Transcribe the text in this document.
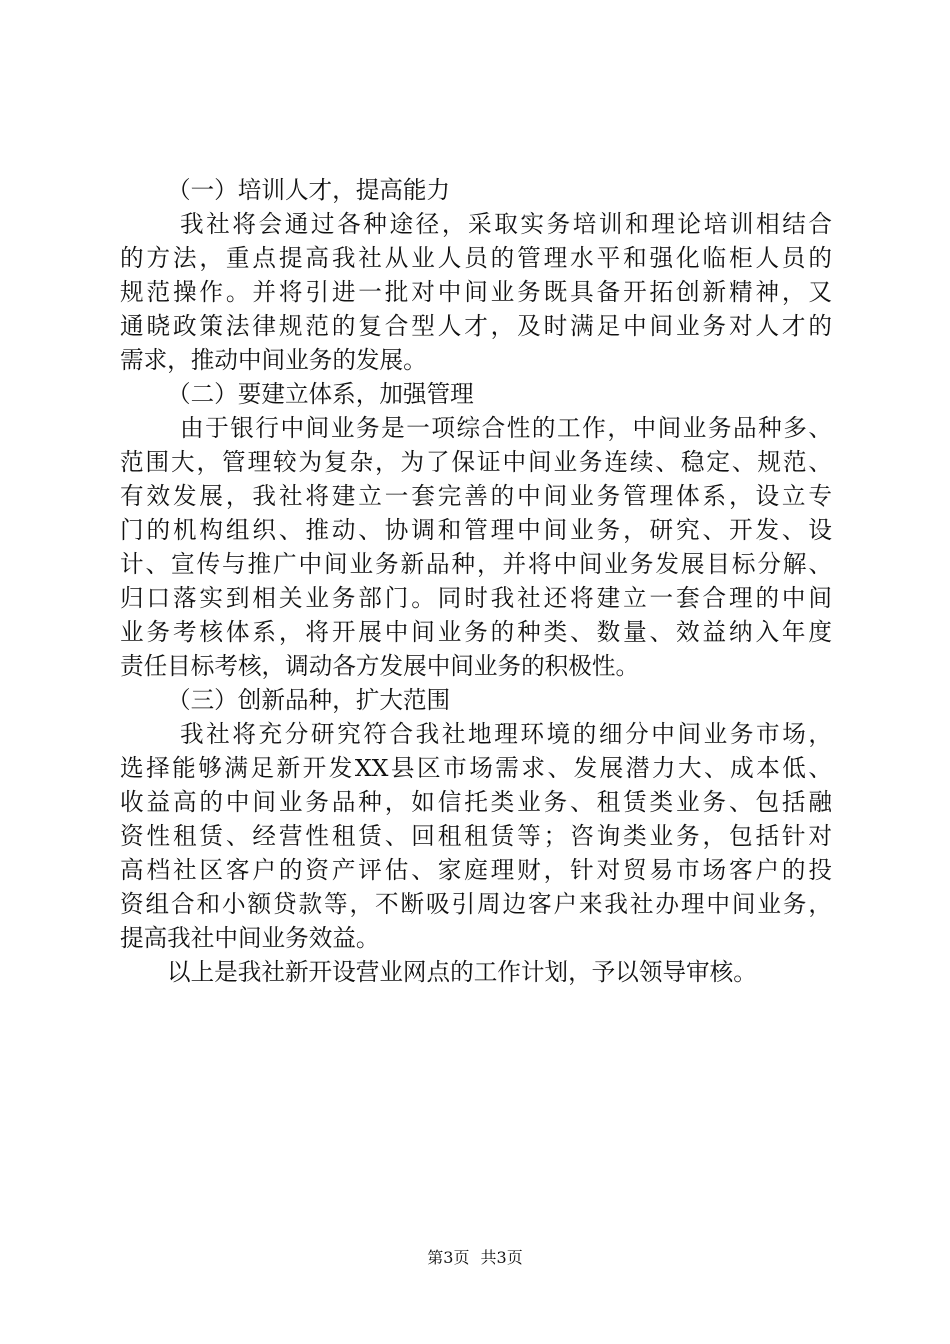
（一）培训人才，提高能力
我社将会通过各种途径，采取实务培训和理论培训相结合
的方法，重点提高我社从业人员的管理水平和强化临柜人员的
规范操作。并将引进一批对中间业务既具备开拓创新精神，又
通晓政策法律规范的复合型人才，及时满足中间业务对人才的
需求，推动中间业务的发展。
（二）要建立体系，加强管理
由于银行中间业务是一项综合性的工作，中间业务品种多、
范围大，管理较为复杂，为了保证中间业务连续、稳定、规范、
有效发展，我社将建立一套完善的中间业务管理体系，设立专
门的机构组织、推动、协调和管理中间业务，研究、开发、设
计、宣传与推广中间业务新品种，并将中间业务发展目标分解、
归口落实到相关业务部门。同时我社还将建立一套合理的中间
业务考核体系，将开展中间业务的种类、数量、效益纳入年度
责任目标考核，调动各方发展中间业务的积极性。
（三）创新品种，扩大范围
我社将充分研究符合我社地理环境的细分中间业务市场，
选择能够满足新开发XX县区市场需求、发展潜力大、成本低、
收益高的中间业务品种，如信托类业务、租赁类业务、包括融
资性租赁、经营性租赁、回租租赁等；咨询类业务，包括针对
高档社区客户的资产评估、家庭理财，针对贸易市场客户的投
资组合和小额贷款等，不断吸引周边客户来我社办理中间业务，
提高我社中间业务效益。
以上是我社新开设营业网点的工作计划，予以领导审核。
第3页 共3页
